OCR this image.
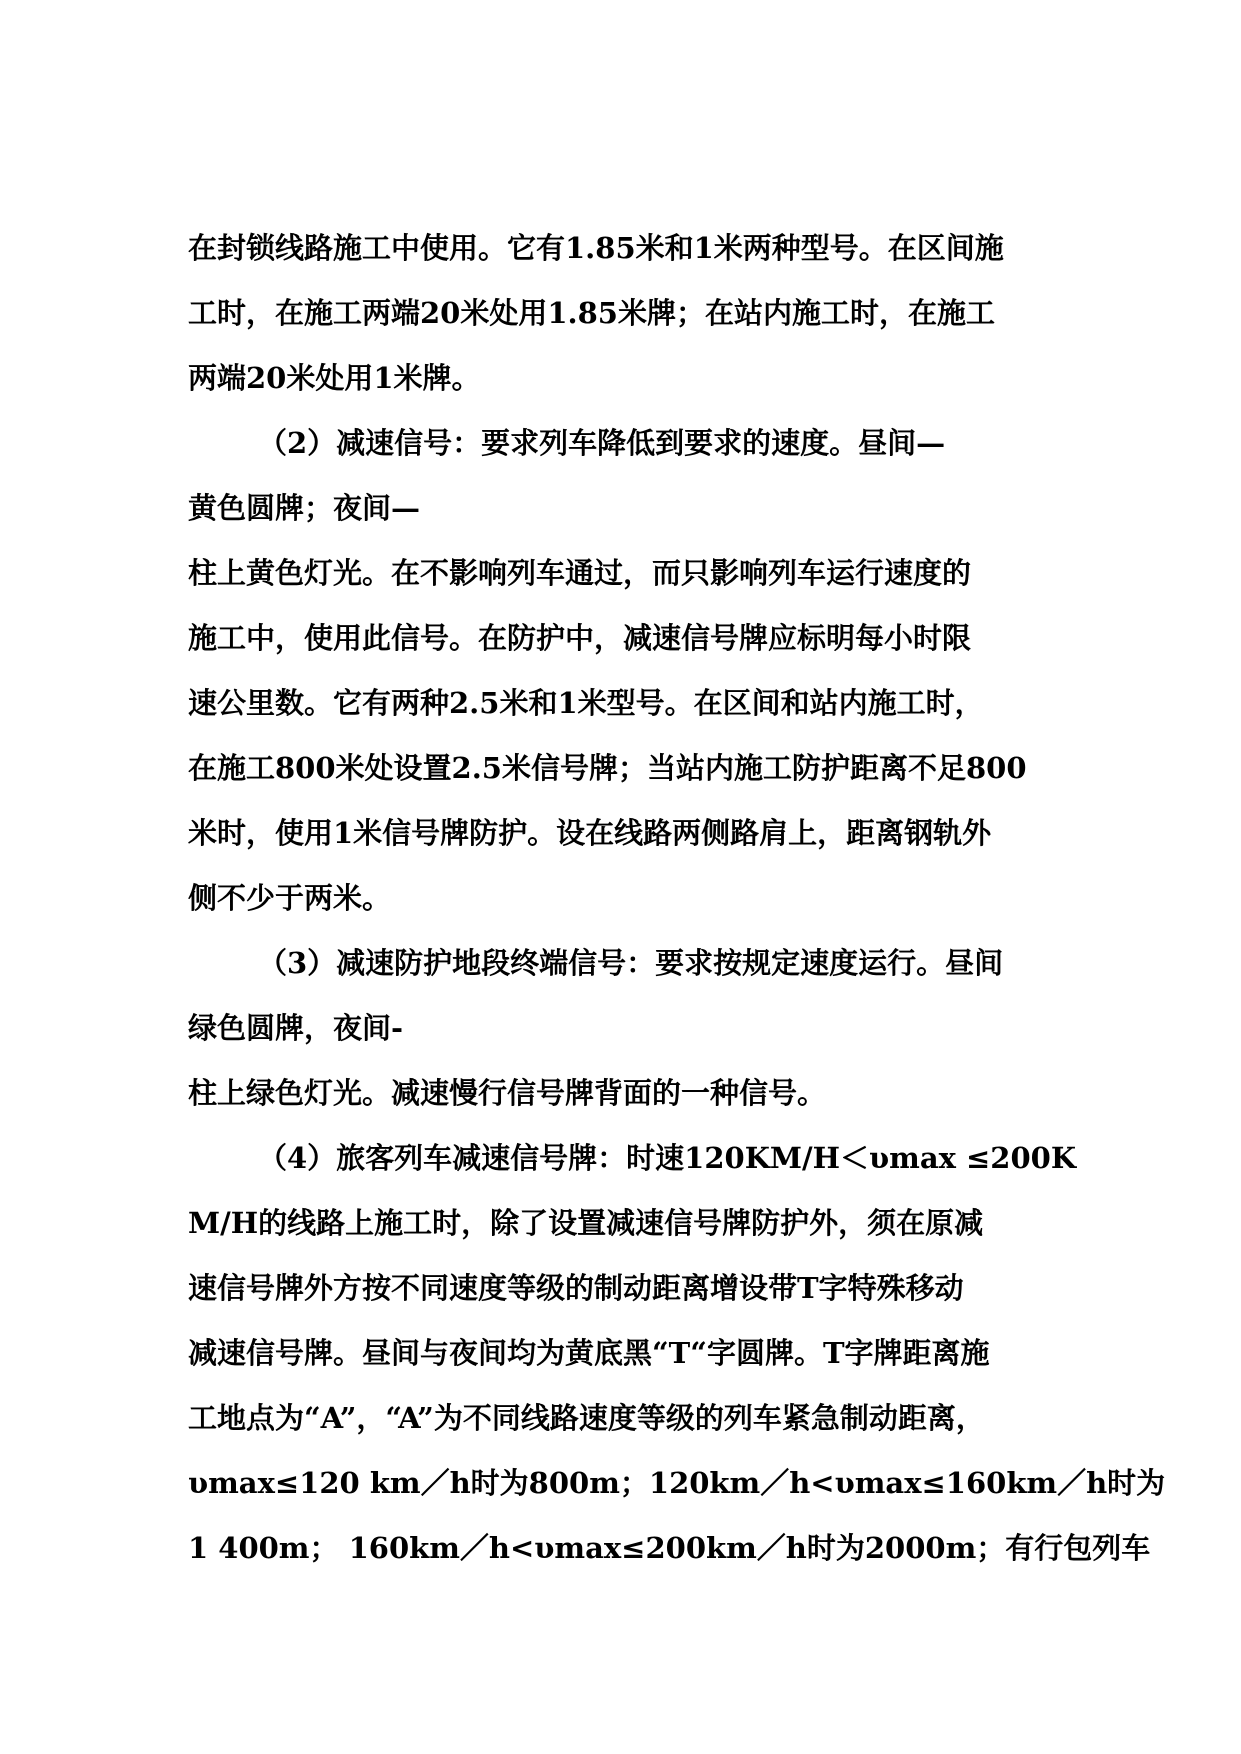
在封锁线路施工中使用。它有1.85米和1米两种型号。在区间施
工时，在施工两端20米处用1.85米牌；在站内施工时，在施工
两端20米处用1米牌。
（2）减速信号：要求列车降低到要求的速度。昼间—
黄色圆牌；夜间—
柱上黄色灯光。在不影响列车通过，而只影响列车运行速度的
施工中，使用此信号。在防护中，减速信号牌应标明每小时限
速公里数。它有两种2.5米和1米型号。在区间和站内施工时，
在施工800米处设置2.5米信号牌；当站内施工防护距离不足800
米时，使用1米信号牌防护。设在线路两侧路肩上，距离钢轨外
侧不少于两米。
（3）减速防护地段终端信号：要求按规定速度运行。昼间
绿色圆牌，夜间-
柱上绿色灯光。减速慢行信号牌背面的一种信号。
（4）旅客列车减速信号牌：时速120KM/H＜υmax ≤200K
M/H的线路上施工时，除了设置减速信号牌防护外，须在原减
速信号牌外方按不同速度等级的制动距离增设带T字特殊移动
减速信号牌。昼间与夜间均为黄底黑“T“字圆牌。T字牌距离施
工地点为“A”，“A”为不同线路速度等级的列车紧急制动距离，
υmax≤120 km／h时为800m；120km／h<υmax≤160km／h时为
1 400m； 160km／h<υmax≤200km／h时为2000m；有行包列车
